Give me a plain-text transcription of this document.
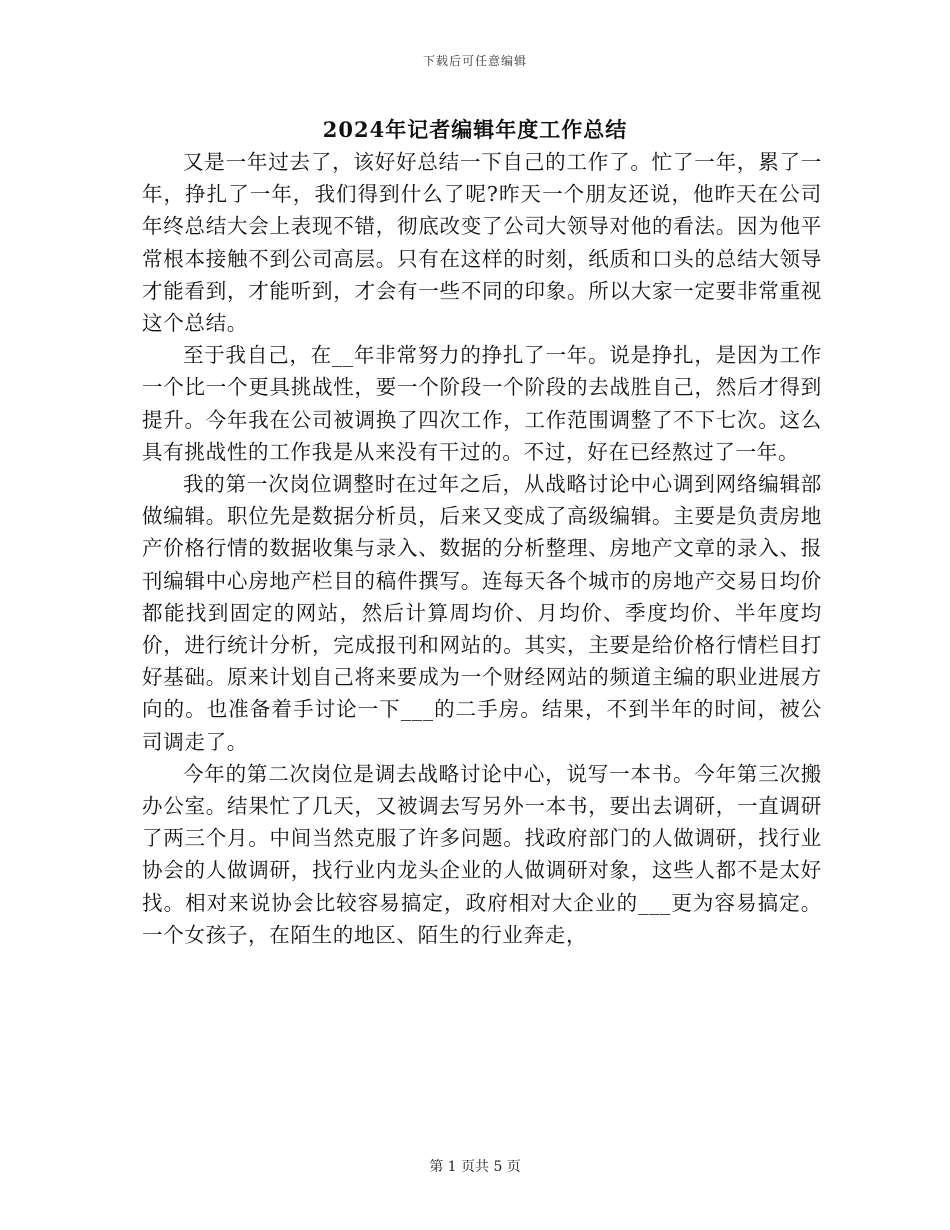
下载后可任意编辑
2024年记者编辑年度工作总结

又是一年过去了，该好好总结一下自己的工作了。忙了一年，累了一年，挣扎了一年，我们得到什么了呢?昨天一个朋友还说，他昨天在公司年终总结大会上表现不错，彻底改变了公司大领导对他的看法。因为他平常根本接触不到公司高层。只有在这样的时刻，纸质和口头的总结大领导才能看到，才能听到，才会有一些不同的印象。所以大家一定要非常重视这个总结。

至于我自己，在__年非常努力的挣扎了一年。说是挣扎，是因为工作一个比一个更具挑战性，要一个阶段一个阶段的去战胜自己，然后才得到提升。今年我在公司被调换了四次工作，工作范围调整了不下七次。这么具有挑战性的工作我是从来没有干过的。不过，好在已经熬过了一年。

我的第一次岗位调整时在过年之后，从战略讨论中心调到网络编辑部做编辑。职位先是数据分析员，后来又变成了高级编辑。主要是负责房地产价格行情的数据收集与录入、数据的分析整理、房地产文章的录入、报刊编辑中心房地产栏目的稿件撰写。连每天各个城市的房地产交易日均价都能找到固定的网站，然后计算周均价、月均价、季度均价、半年度均价，进行统计分析，完成报刊和网站的。其实，主要是给价格行情栏目打好基础。原来计划自己将来要成为一个财经网站的频道主编的职业进展方向的。也准备着手讨论一下___的二手房。结果，不到半年的时间，被公司调走了。

今年的第二次岗位是调去战略讨论中心，说写一本书。今年第三次搬办公室。结果忙了几天，又被调去写另外一本书，要出去调研，一直调研了两三个月。中间当然克服了许多问题。找政府部门的人做调研，找行业协会的人做调研，找行业内龙头企业的人做调研对象，这些人都不是太好找。相对来说协会比较容易搞定，政府相对大企业的___更为容易搞定。一个女孩子，在陌生的地区、陌生的行业奔走，

第 1 页共 5 页
